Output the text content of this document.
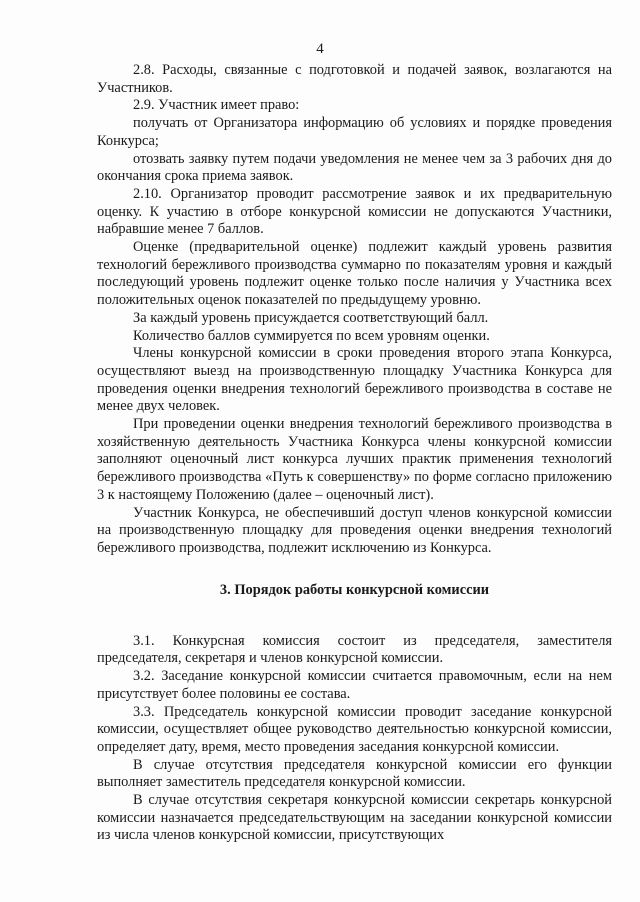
4

2.8. Расходы, связанные с подготовкой и подачей заявок, возлагаются на Участников.

2.9. Участник имеет право:

получать от Организатора информацию об условиях и порядке проведения Конкурса;

отозвать заявку путем подачи уведомления не менее чем за 3 рабочих дня до окончания срока приема заявок.

2.10. Организатор проводит рассмотрение заявок и их предварительную оценку. К участию в отборе конкурсной комиссии не допускаются Участники, набравшие менее 7 баллов.

Оценке (предварительной оценке) подлежит каждый уровень развития технологий бережливого производства суммарно по показателям уровня и каждый последующий уровень подлежит оценке только после наличия у Участника всех положительных оценок показателей по предыдущему уровню.

За каждый уровень присуждается соответствующий балл.

Количество баллов суммируется по всем уровням оценки.

Члены конкурсной комиссии в сроки проведения второго этапа Конкурса, осуществляют выезд на производственную площадку Участника Конкурса для проведения оценки внедрения технологий бережливого производства в составе не менее двух человек.

При проведении оценки внедрения технологий бережливого производства в хозяйственную деятельность Участника Конкурса члены конкурсной комиссии заполняют оценочный лист конкурса лучших практик применения технологий бережливого производства «Путь к совершенству» по форме согласно приложению 3 к настоящему Положению (далее – оценочный лист).

Участник Конкурса, не обеспечивший доступ членов конкурсной комиссии на производственную площадку для проведения оценки внедрения технологий бережливого производства, подлежит исключению из Конкурса.

3. Порядок работы конкурсной комиссии

3.1. Конкурсная комиссия состоит из председателя, заместителя председателя, секретаря и членов конкурсной комиссии.

3.2. Заседание конкурсной комиссии считается правомочным, если на нем присутствует более половины ее состава.

3.3. Председатель конкурсной комиссии проводит заседание конкурсной комиссии, осуществляет общее руководство деятельностью конкурсной комиссии, определяет дату, время, место проведения заседания конкурсной комиссии.

В случае отсутствия председателя конкурсной комиссии его функции выполняет заместитель председателя конкурсной комиссии.

В случае отсутствия секретаря конкурсной комиссии секретарь конкурсной комиссии назначается председательствующим на заседании конкурсной комиссии из числа членов конкурсной комиссии, присутствующих
